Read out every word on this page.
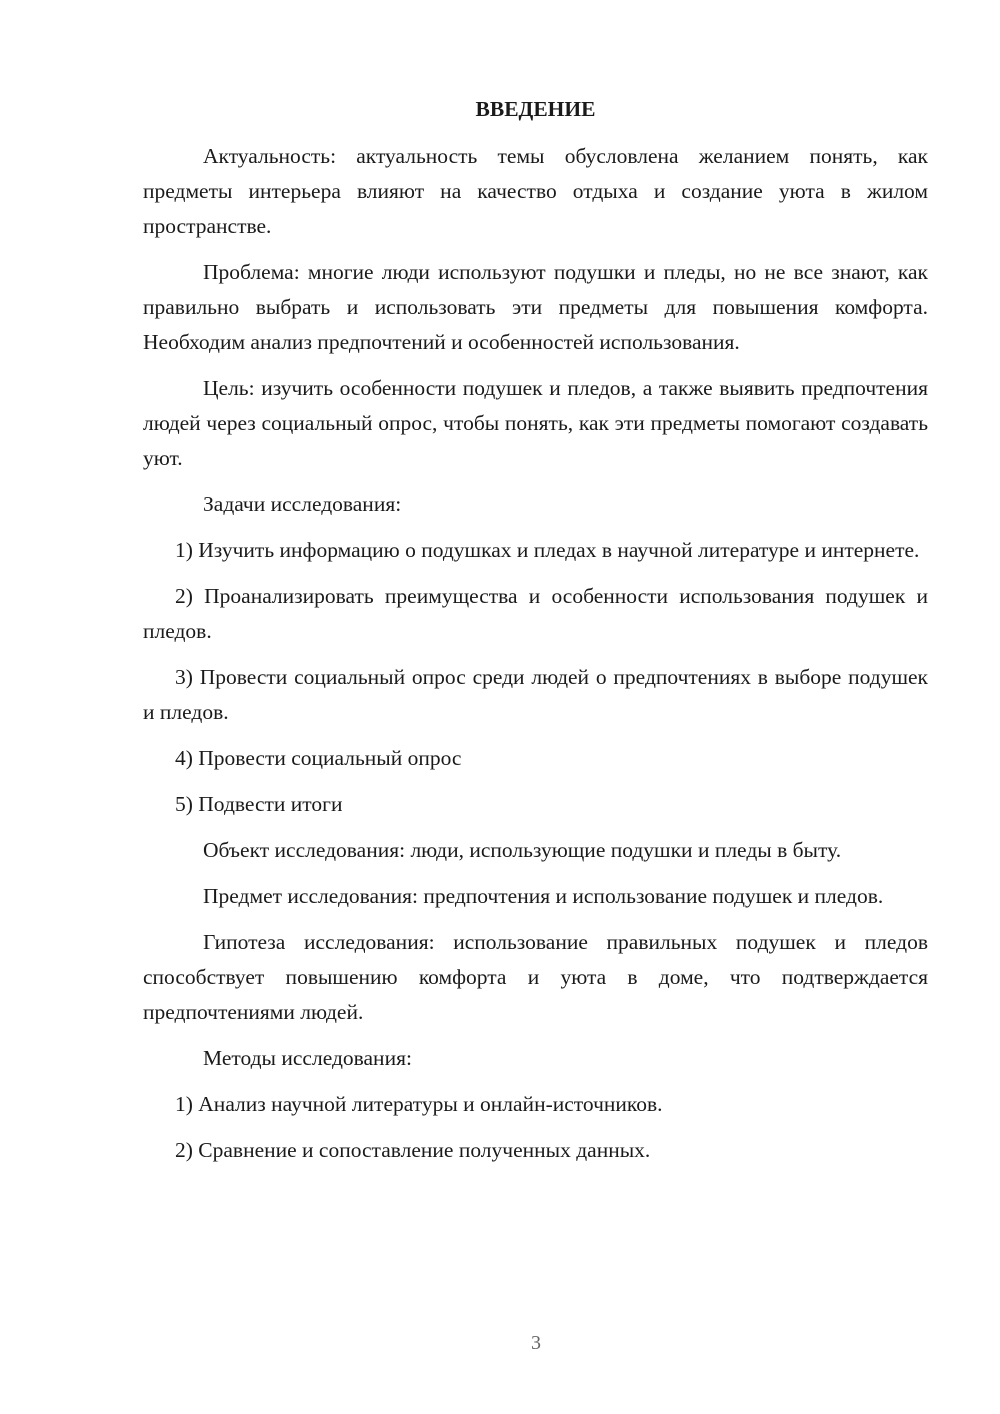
ВВЕДЕНИЕ

Актуальность: актуальность темы обусловлена желанием понять, как предметы интерьера влияют на качество отдыха и создание уюта в жилом пространстве.

Проблема: многие люди используют подушки и пледы, но не все знают, как правильно выбрать и использовать эти предметы для повышения комфорта. Необходим анализ предпочтений и особенностей использования.

Цель: изучить особенности подушек и пледов, а также выявить предпочтения людей через социальный опрос, чтобы понять, как эти предметы помогают создавать уют.

Задачи исследования:

1) Изучить информацию о подушках и пледах в научной литературе и интернете.

2) Проанализировать преимущества и особенности использования подушек и пледов.

3) Провести социальный опрос среди людей о предпочтениях в выборе подушек и пледов.

4) Провести социальный опрос

5) Подвести итоги

Объект исследования: люди, использующие подушки и пледы в быту.

Предмет исследования: предпочтения и использование подушек и пледов.

Гипотеза исследования: использование правильных подушек и пледов способствует повышению комфорта и уюта в доме, что подтверждается предпочтениями людей.

Методы исследования:

1) Анализ научной литературы и онлайн-источников.

2) Сравнение и сопоставление полученных данных.

3
